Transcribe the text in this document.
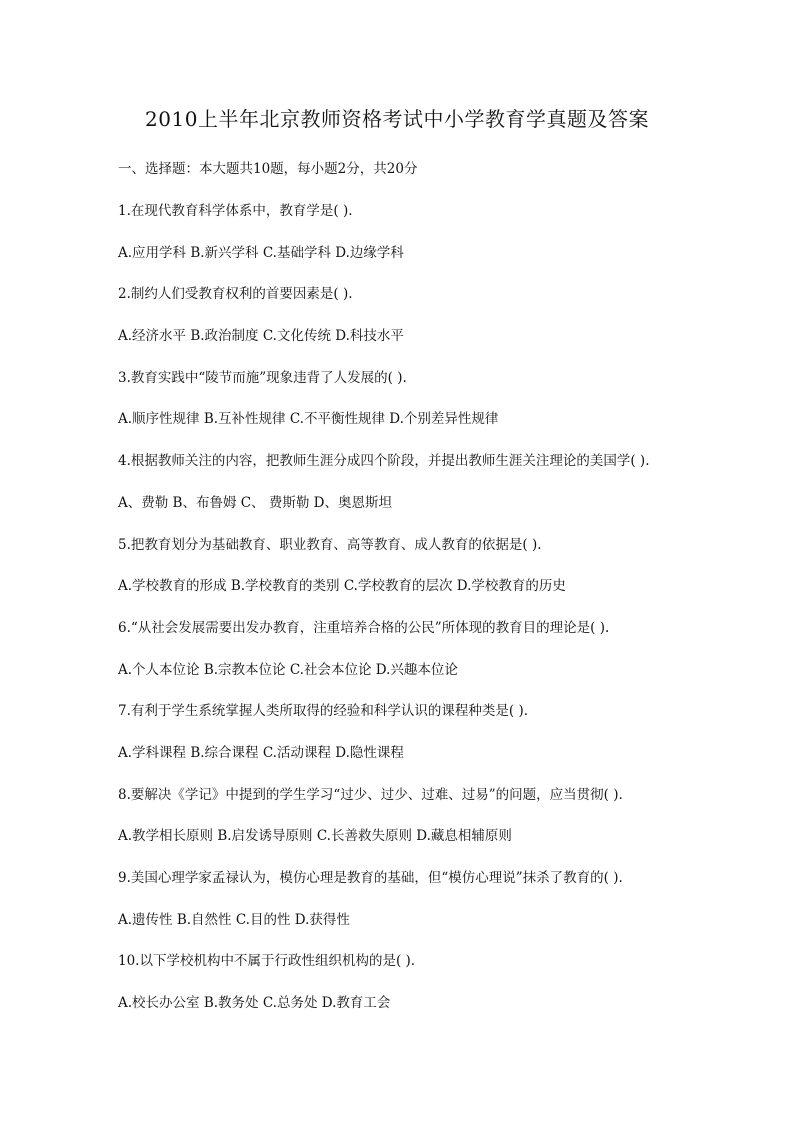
2010上半年北京教师资格考试中小学教育学真题及答案
一、选择题：本大题共10题，每小题2分，共20分
1.在现代教育科学体系中，教育学是( ).
A.应用学科 B.新兴学科 C.基础学科 D.边缘学科
2.制约人们受教育权利的首要因素是( ).
A.经济水平 B.政治制度 C.文化传统 D.科技水平
3.教育实践中“陵节而施”现象违背了人发展的( ).
A.顺序性规律 B.互补性规律 C.不平衡性规律 D.个别差异性规律
4.根据教师关注的内容，把教师生涯分成四个阶段，并提出教师生涯关注理论的美国学( ).
A、费勒 B、布鲁姆 C、 费斯勒 D、奥恩斯坦
5.把教育划分为基础教育、职业教育、高等教育、成人教育的依据是( ).
A.学校教育的形成 B.学校教育的类别 C.学校教育的层次 D.学校教育的历史
6.“从社会发展需要出发办教育，注重培养合格的公民”所体现的教育目的理论是( ).
A.个人本位论 B.宗教本位论 C.社会本位论 D.兴趣本位论
7.有利于学生系统掌握人类所取得的经验和科学认识的课程种类是( ).
A.学科课程 B.综合课程 C.活动课程 D.隐性课程
8.要解决《学记》中提到的学生学习“过少、过少、过难、过易”的问题，应当贯彻( ).
A.教学相长原则 B.启发诱导原则 C.长善救失原则 D.藏息相辅原则
9.美国心理学家孟禄认为，模仿心理是教育的基础，但“模仿心理说”抹杀了教育的( ).
A.遗传性 B.自然性 C.目的性 D.获得性
10.以下学校机构中不属于行政性组织机构的是( ).
A.校长办公室 B.教务处 C.总务处 D.教育工会
